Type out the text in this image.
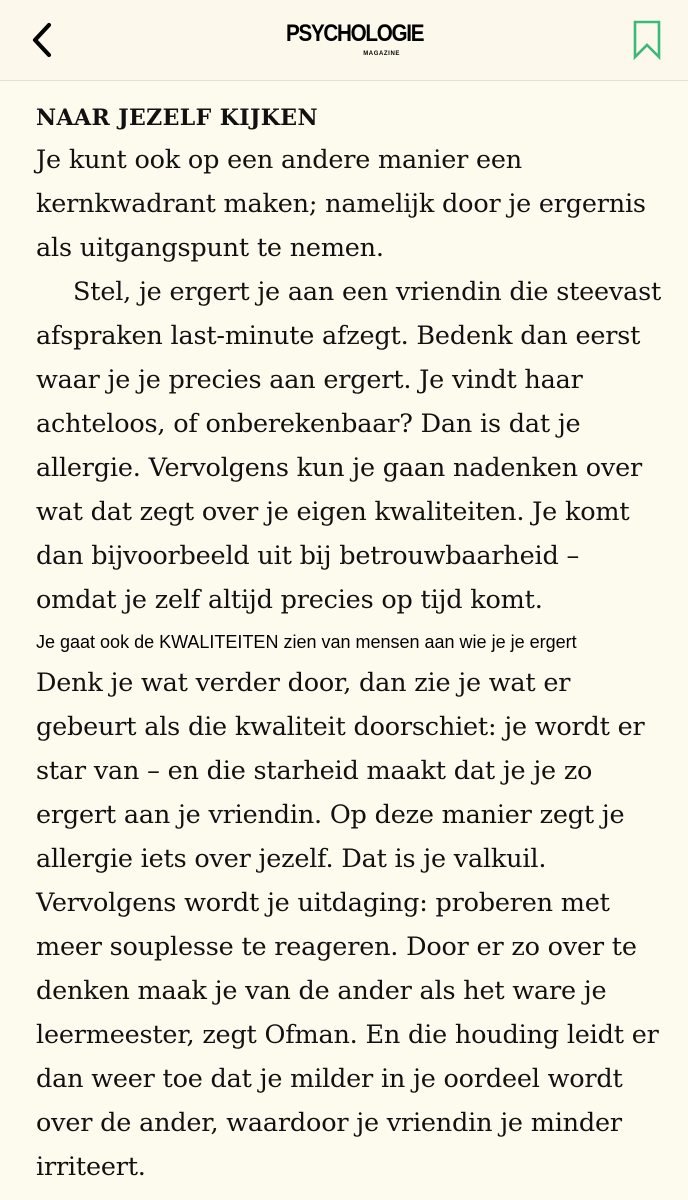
PSYCHOLOGIE
MAGAZINE

NAAR JEZELF KIJKEN

Je kunt ook op een andere manier een kernkwadrant maken; namelijk door je ergernis als uitgangspunt te nemen.

Stel, je ergert je aan een vriendin die steevast afspraken last-minute afzegt. Bedenk dan eerst waar je je precies aan ergert. Je vindt haar achteloos, of onberekenbaar? Dan is dat je allergie. Vervolgens kun je gaan nadenken over wat dat zegt over je eigen kwaliteiten. Je komt dan bijvoorbeeld uit bij betrouwbaarheid – omdat je zelf altijd precies op tijd komt.

Je gaat ook de KWALITEITEN zien van mensen aan wie je je ergert

Denk je wat verder door, dan zie je wat er gebeurt als die kwaliteit doorschiet: je wordt er star van – en die starheid maakt dat je je zo ergert aan je vriendin. Op deze manier zegt je allergie iets over jezelf. Dat is je valkuil. Vervolgens wordt je uitdaging: proberen met meer souplesse te reageren. Door er zo over te denken maak je van de ander als het ware je leermeester, zegt Ofman. En die houding leidt er dan weer toe dat je milder in je oordeel wordt over de ander, waardoor je vriendin je minder irriteert.
